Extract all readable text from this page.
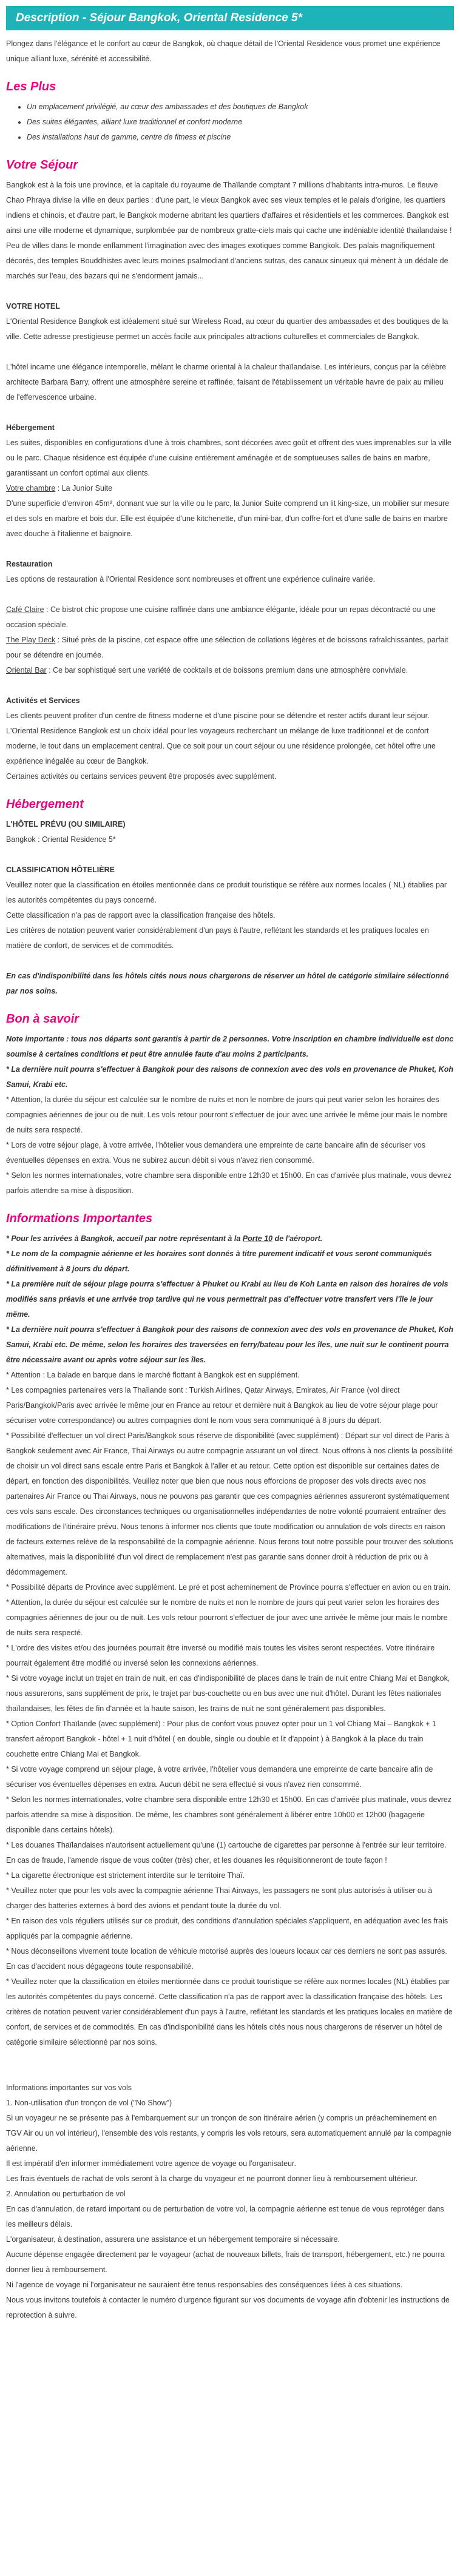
Description - Séjour Bangkok, Oriental Residence 5*

Plongez dans l'élégance et le confort au cœur de Bangkok, où chaque détail de l'Oriental Residence vous promet une expérience unique alliant luxe, sérénité et accessibilité.

Les Plus
• Un emplacement privilégié, au cœur des ambassades et des boutiques de Bangkok
• Des suites élégantes, alliant luxe traditionnel et confort moderne
• Des installations haut de gamme, centre de fitness et piscine
Votre Séjour

Bangkok est à la fois une province, et la capitale du royaume de Thaïlande comptant 7 millions d'habitants intra-muros. Le fleuve Chao Phraya divise la ville en deux parties : d'une part, le vieux Bangkok avec ses vieux temples et le palais d'origine, les quartiers indiens et chinois, et d'autre part, le Bangkok moderne abritant les quartiers d'affaires et résidentiels et les commerces. Bangkok est ainsi une ville moderne et dynamique, surplombée par de nombreux gratte-ciels mais qui cache une indéniable identité thaïlandaise ! Peu de villes dans le monde enflamment l'imagination avec des images exotiques comme Bangkok. Des palais magnifiquement décorés, des temples Bouddhistes avec leurs moines psalmodiant d'anciens sutras, des canaux sinueux qui mènent à un dédale de marchés sur l'eau, des bazars qui ne s'endorment jamais...

VOTRE HOTEL

L'Oriental Residence Bangkok est idéalement situé sur Wireless Road, au cœur du quartier des ambassades et des boutiques de la ville. Cette adresse prestigieuse permet un accès facile aux principales attractions culturelles et commerciales de Bangkok.

L'hôtel incarne une élégance intemporelle, mêlant le charme oriental à la chaleur thaïlandaise. Les intérieurs, conçus par la célèbre architecte Barbara Barry, offrent une atmosphère sereine et raffinée, faisant de l'établissement un véritable havre de paix au milieu de l'effervescence urbaine.

Hébergement

Les suites, disponibles en configurations d'une à trois chambres, sont décorées avec goût et offrent des vues imprenables sur la ville ou le parc. Chaque résidence est équipée d'une cuisine entièrement aménagée et de somptueuses salles de bains en marbre, garantissant un confort optimal aux clients.

Votre chambre : La Junior Suite

D'une superficie d'environ 45m², donnant vue sur la ville ou le parc, la Junior Suite comprend un lit king-size, un mobilier sur mesure et des sols en marbre et bois dur. Elle est équipée d'une kitchenette, d'un mini-bar, d'un coffre-fort et d'une salle de bains en marbre avec douche à l'italienne et baignoire.

Restauration

Les options de restauration à l'Oriental Residence sont nombreuses et offrent une expérience culinaire variée.

Café Claire : Ce bistrot chic propose une cuisine raffinée dans une ambiance élégante, idéale pour un repas décontracté ou une occasion spéciale.

The Play Deck : Situé près de la piscine, cet espace offre une sélection de collations légères et de boissons rafraîchissantes, parfait pour se détendre en journée.

Oriental Bar : Ce bar sophistiqué sert une variété de cocktails et de boissons premium dans une atmosphère conviviale.

Activités et Services

Les clients peuvent profiter d'un centre de fitness moderne et d'une piscine pour se détendre et rester actifs durant leur séjour.

L'Oriental Residence Bangkok est un choix idéal pour les voyageurs recherchant un mélange de luxe traditionnel et de confort moderne, le tout dans un emplacement central. Que ce soit pour un court séjour ou une résidence prolongée, cet hôtel offre une expérience inégalée au cœur de Bangkok.

Certaines activités ou certains services peuvent être proposés avec supplément.

Hébergement
L'HÔTEL PRÉVU (OU SIMILAIRE)

Bangkok : Oriental Residence 5*

CLASSIFICATION HÔTELIÈRE

Veuillez noter que la classification en étoiles mentionnée dans ce produit touristique se réfère aux normes locales ( NL) établies par les autorités compétentes du pays concerné.

Cette classification n'a pas de rapport avec la classification française des hôtels.

Les critères de notation peuvent varier considérablement d'un pays à l'autre, reflétant les standards et les pratiques locales en matière de confort, de services et de commodités.

En cas d'indisponibilité dans les hôtels cités nous nous chargerons de réserver un hôtel de catégorie similaire sélectionné par nos soins.

Bon à savoir

Note importante : tous nos départs sont garantis à partir de 2 personnes. Votre inscription en chambre individuelle est donc soumise à certaines conditions et peut être annulée faute d'au moins 2 participants.

* La dernière nuit pourra s'effectuer à Bangkok pour des raisons de connexion avec des vols en provenance de Phuket, Koh Samui, Krabi etc.

* Attention, la durée du séjour est calculée sur le nombre de nuits et non le nombre de jours qui peut varier selon les horaires des compagnies aériennes de jour ou de nuit. Les vols retour pourront s'effectuer de jour avec une arrivée le même jour mais le nombre de nuits sera respecté.

* Lors de votre séjour plage, à votre arrivée, l'hôtelier vous demandera une empreinte de carte bancaire afin de sécuriser vos éventuelles dépenses en extra. Vous ne subirez aucun débit si vous n'avez rien consommé.

* Selon les normes internationales, votre chambre sera disponible entre 12h30 et 15h00. En cas d'arrivée plus matinale, vous devrez parfois attendre sa mise à disposition.

Informations Importantes

* Pour les arrivées à Bangkok, accueil par notre représentant à la Porte 10 de l'aéroport.

* Le nom de la compagnie aérienne et les horaires sont donnés à titre purement indicatif et vous seront communiqués définitivement à 8 jours du départ.

* La première nuit de séjour plage pourra s'effectuer à Phuket ou Krabi au lieu de Koh Lanta en raison des horaires de vols modifiés sans préavis et une arrivée trop tardive qui ne vous permettrait pas d'effectuer votre transfert vers l'île le jour même.

* La dernière nuit pourra s'effectuer à Bangkok pour des raisons de connexion avec des vols en provenance de Phuket, Koh Samui, Krabi etc. De même, selon les horaires des traversées en ferry/bateau pour les îles, une nuit sur le continent pourra être nécessaire avant ou après votre séjour sur les îles.

* Attention : La balade en barque dans le marché flottant à Bangkok est en supplément.

* Les compagnies partenaires vers la Thaïlande sont : Turkish Airlines, Qatar Airways, Emirates, Air France (vol direct Paris/Bangkok/Paris avec arrivée le même jour en France au retour et dernière nuit à Bangkok au lieu de votre séjour plage pour sécuriser votre correspondance) ou autres compagnies dont le nom vous sera communiqué à 8 jours du départ.

* Possibilité d'effectuer un vol direct Paris/Bangkok sous réserve de disponibilité (avec supplément) : Départ sur vol direct de Paris à Bangkok seulement avec Air France, Thai Airways ou autre compagnie assurant un vol direct. Nous offrons à nos clients la possibilité de choisir un vol direct sans escale entre Paris et Bangkok à l'aller et au retour. Cette option est disponible sur certaines dates de départ, en fonction des disponibilités. Veuillez noter que bien que nous nous efforcions de proposer des vols directs avec nos partenaires Air France ou Thai Airways, nous ne pouvons pas garantir que ces compagnies aériennes assureront systématiquement ces vols sans escale. Des circonstances techniques ou organisationnelles indépendantes de notre volonté pourraient entraîner des modifications de l'itinéraire prévu. Nous tenons à informer nos clients que toute modification ou annulation de vols directs en raison de facteurs externes relève de la responsabilité de la compagnie aérienne. Nous ferons tout notre possible pour trouver des solutions alternatives, mais la disponibilité d'un vol direct de remplacement n'est pas garantie sans donner droit à réduction de prix ou à dédommagement.

* Possibilité départs de Province avec supplément. Le pré et post acheminement de Province pourra s'effectuer en avion ou en train.

* Attention, la durée du séjour est calculée sur le nombre de nuits et non le nombre de jours qui peut varier selon les horaires des compagnies aériennes de jour ou de nuit. Les vols retour pourront s'effectuer de jour avec une arrivée le même jour mais le nombre de nuits sera respecté.

* L'ordre des visites et/ou des journées pourrait être inversé ou modifié mais toutes les visites seront respectées. Votre itinéraire pourrait également être modifié ou inversé selon les connexions aériennes.

* Si votre voyage inclut un trajet en train de nuit, en cas d'indisponibilité de places dans le train de nuit entre Chiang Mai et Bangkok, nous assurerons, sans supplément de prix, le trajet par bus-couchette ou en bus avec une nuit d'hôtel. Durant les fêtes nationales thaïlandaises, les fêtes de fin d'année et la haute saison, les trains de nuit ne sont généralement pas disponibles.

* Option Confort Thaïlande (avec supplément) : Pour plus de confort vous pouvez opter pour un 1 vol Chiang Mai – Bangkok + 1 transfert aéroport Bangkok - hôtel + 1 nuit d'hôtel ( en double, single ou double et lit d'appoint ) à Bangkok à la place du train couchette entre Chiang Mai et Bangkok.

* Si votre voyage comprend un séjour plage, à votre arrivée, l'hôtelier vous demandera une empreinte de carte bancaire afin de sécuriser vos éventuelles dépenses en extra. Aucun débit ne sera effectué si vous n'avez rien consommé.

* Selon les normes internationales, votre chambre sera disponible entre 12h30 et 15h00. En cas d'arrivée plus matinale, vous devrez parfois attendre sa mise à disposition. De même, les chambres sont généralement à libérer entre 10h00 et 12h00 (bagagerie disponible dans certains hôtels).

* Les douanes Thaïlandaises n'autorisent actuellement qu'une (1) cartouche de cigarettes par personne à l'entrée sur leur territoire. En cas de fraude, l'amende risque de vous coûter (très) cher, et les douanes les réquisitionneront de toute façon !

* La cigarette électronique est strictement interdite sur le territoire Thaï.

* Veuillez noter que pour les vols avec la compagnie aérienne Thai Airways, les passagers ne sont plus autorisés à utiliser ou à charger des batteries externes à bord des avions et pendant toute la durée du vol.

* En raison des vols réguliers utilisés sur ce produit, des conditions d'annulation spéciales s'appliquent, en adéquation avec les frais appliqués par la compagnie aérienne.

* Nous déconseillons vivement toute location de véhicule motorisé auprès des loueurs locaux car ces derniers ne sont pas assurés. En cas d'accident nous dégageons toute responsabilité.

* Veuillez noter que la classification en étoiles mentionnée dans ce produit touristique se réfère aux normes locales (NL) établies par les autorités compétentes du pays concerné. Cette classification n'a pas de rapport avec la classification française des hôtels. Les critères de notation peuvent varier considérablement d'un pays à l'autre, reflétant les standards et les pratiques locales en matière de confort, de services et de commodités. En cas d'indisponibilité dans les hôtels cités nous nous chargerons de réserver un hôtel de catégorie similaire sélectionné par nos soins.

Informations importantes sur vos vols

1. Non-utilisation d'un tronçon de vol ("No Show")

Si un voyageur ne se présente pas à l'embarquement sur un tronçon de son itinéraire aérien (y compris un préacheminement en TGV Air ou un vol intérieur), l'ensemble des vols restants, y compris les vols retours, sera automatiquement annulé par la compagnie aérienne.

Il est impératif d'en informer immédiatement votre agence de voyage ou l'organisateur.

Les frais éventuels de rachat de vols seront à la charge du voyageur et ne pourront donner lieu à remboursement ultérieur.

2. Annulation ou perturbation de vol

En cas d'annulation, de retard important ou de perturbation de votre vol, la compagnie aérienne est tenue de vous reprotéger dans les meilleurs délais.

L'organisateur, à destination, assurera une assistance et un hébergement temporaire si nécessaire.

Aucune dépense engagée directement par le voyageur (achat de nouveaux billets, frais de transport, hébergement, etc.) ne pourra donner lieu à remboursement.

Ni l'agence de voyage ni l'organisateur ne sauraient être tenus responsables des conséquences liées à ces situations.

Nous vous invitons toutefois à contacter le numéro d'urgence figurant sur vos documents de voyage afin d'obtenir les instructions de reprotection à suivre.
